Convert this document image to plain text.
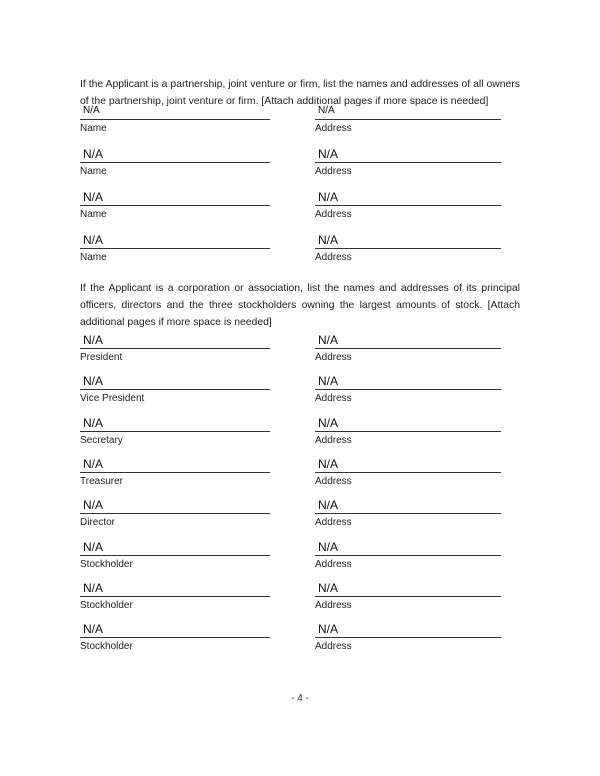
If the Applicant is a partnership, joint venture or firm, list the names and addresses of all owners of the partnership, joint venture or firm. [Attach additional pages if more space is needed]
N/A
Name
N/A
Address
N/A
Name
N/A
Address
N/A
Name
N/A
Address
N/A
Name
N/A
Address
If the Applicant is a corporation or association, list the names and addresses of its principal officers, directors and the three stockholders owning the largest amounts of stock. [Attach additional pages if more space is needed]
N/A
President
N/A
Address
N/A
Vice President
N/A
Address
N/A
Secretary
N/A
Address
N/A
Treasurer
N/A
Address
N/A
Director
N/A
Address
N/A
Stockholder
N/A
Address
N/A
Stockholder
N/A
Address
N/A
Stockholder
N/A
Address
- 4 -
